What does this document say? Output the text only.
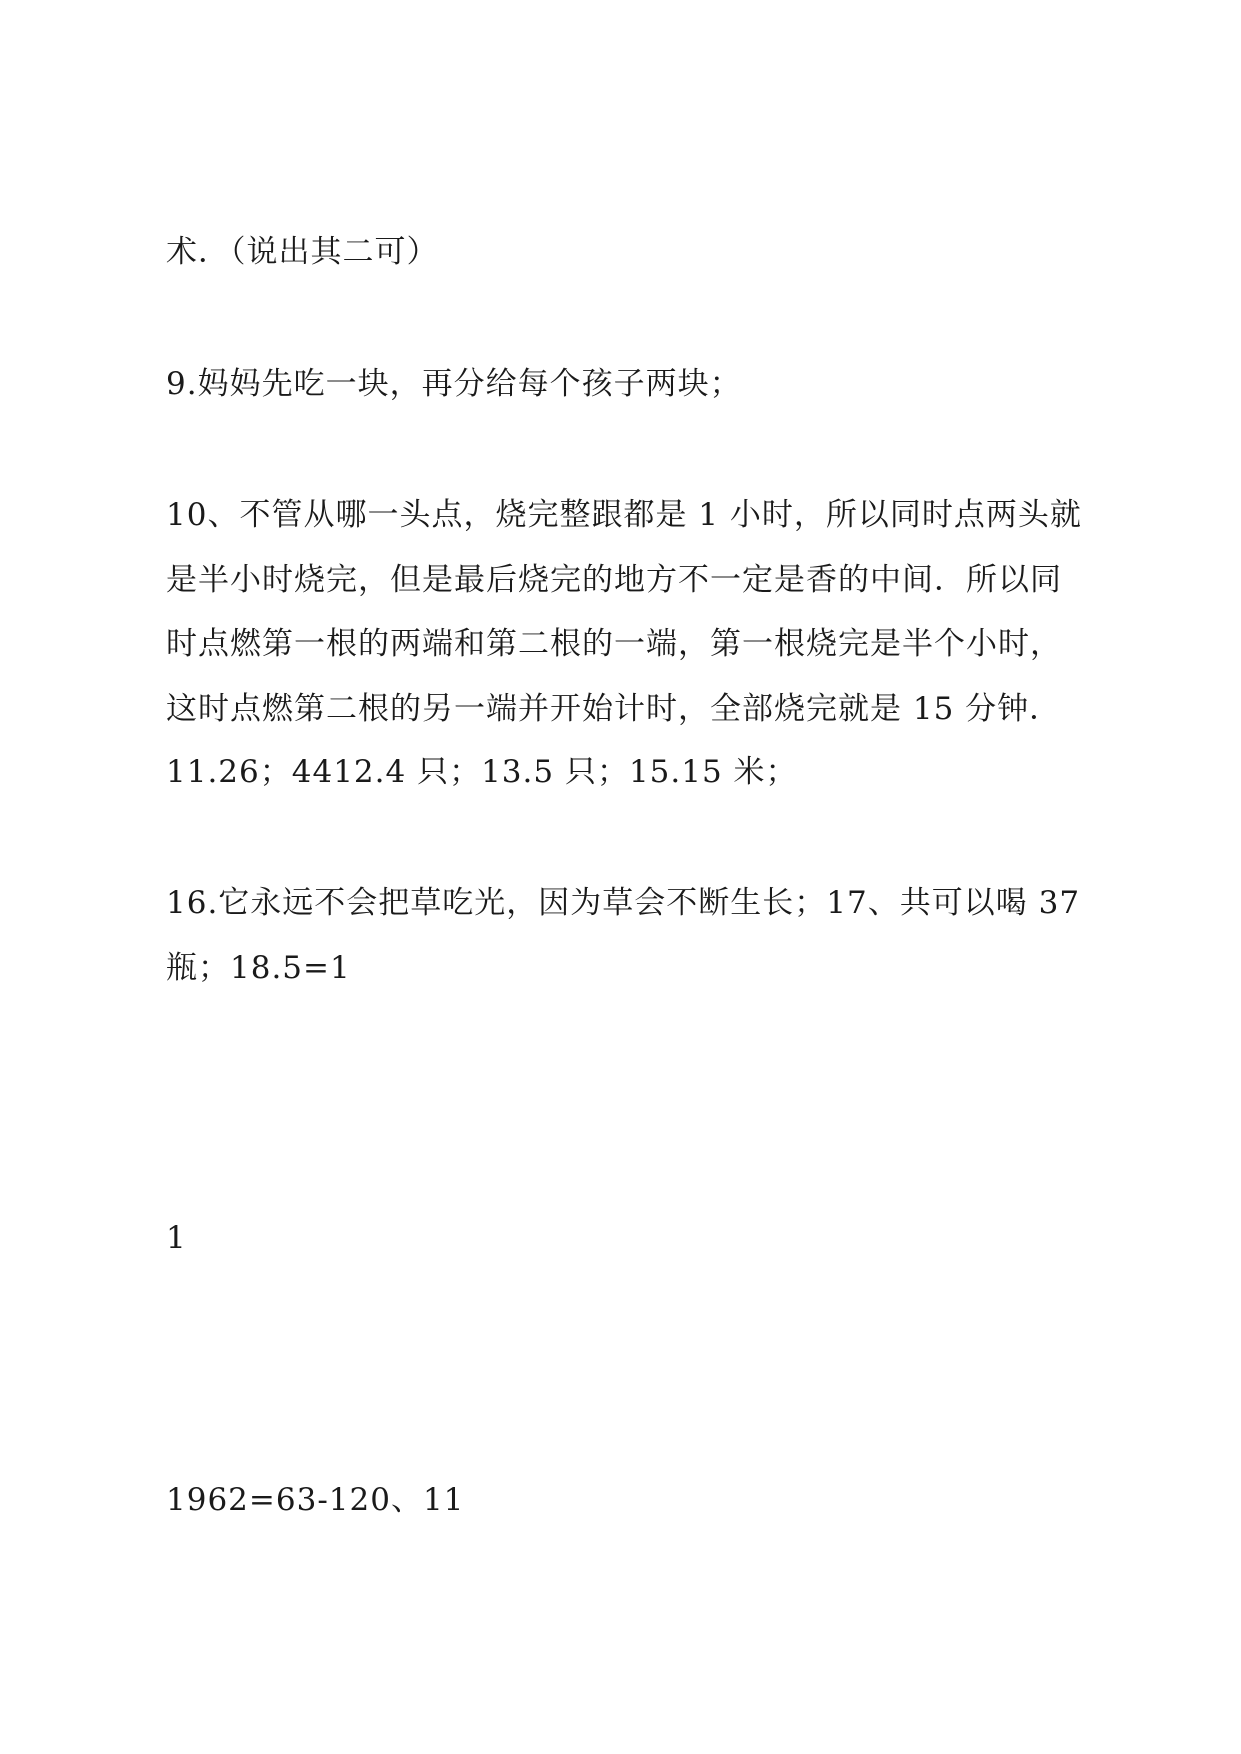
术．（说出其二可）
9.妈妈先吃一块，再分给每个孩子两块；
10、不管从哪一头点，烧完整跟都是 1 小时，所以同时点两头就
是半小时烧完，但是最后烧完的地方不一定是香的中间．所以同
时点燃第一根的两端和第二根的一端，第一根烧完是半个小时，
这时点燃第二根的另一端并开始计时，全部烧完就是 15 分钟．
11.26；4412.4 只；13.5 只；15.15 米；
16.它永远不会把草吃光，因为草会不断生长；17、共可以喝 37
瓶；18.5=1
1
1962=63-120、11
